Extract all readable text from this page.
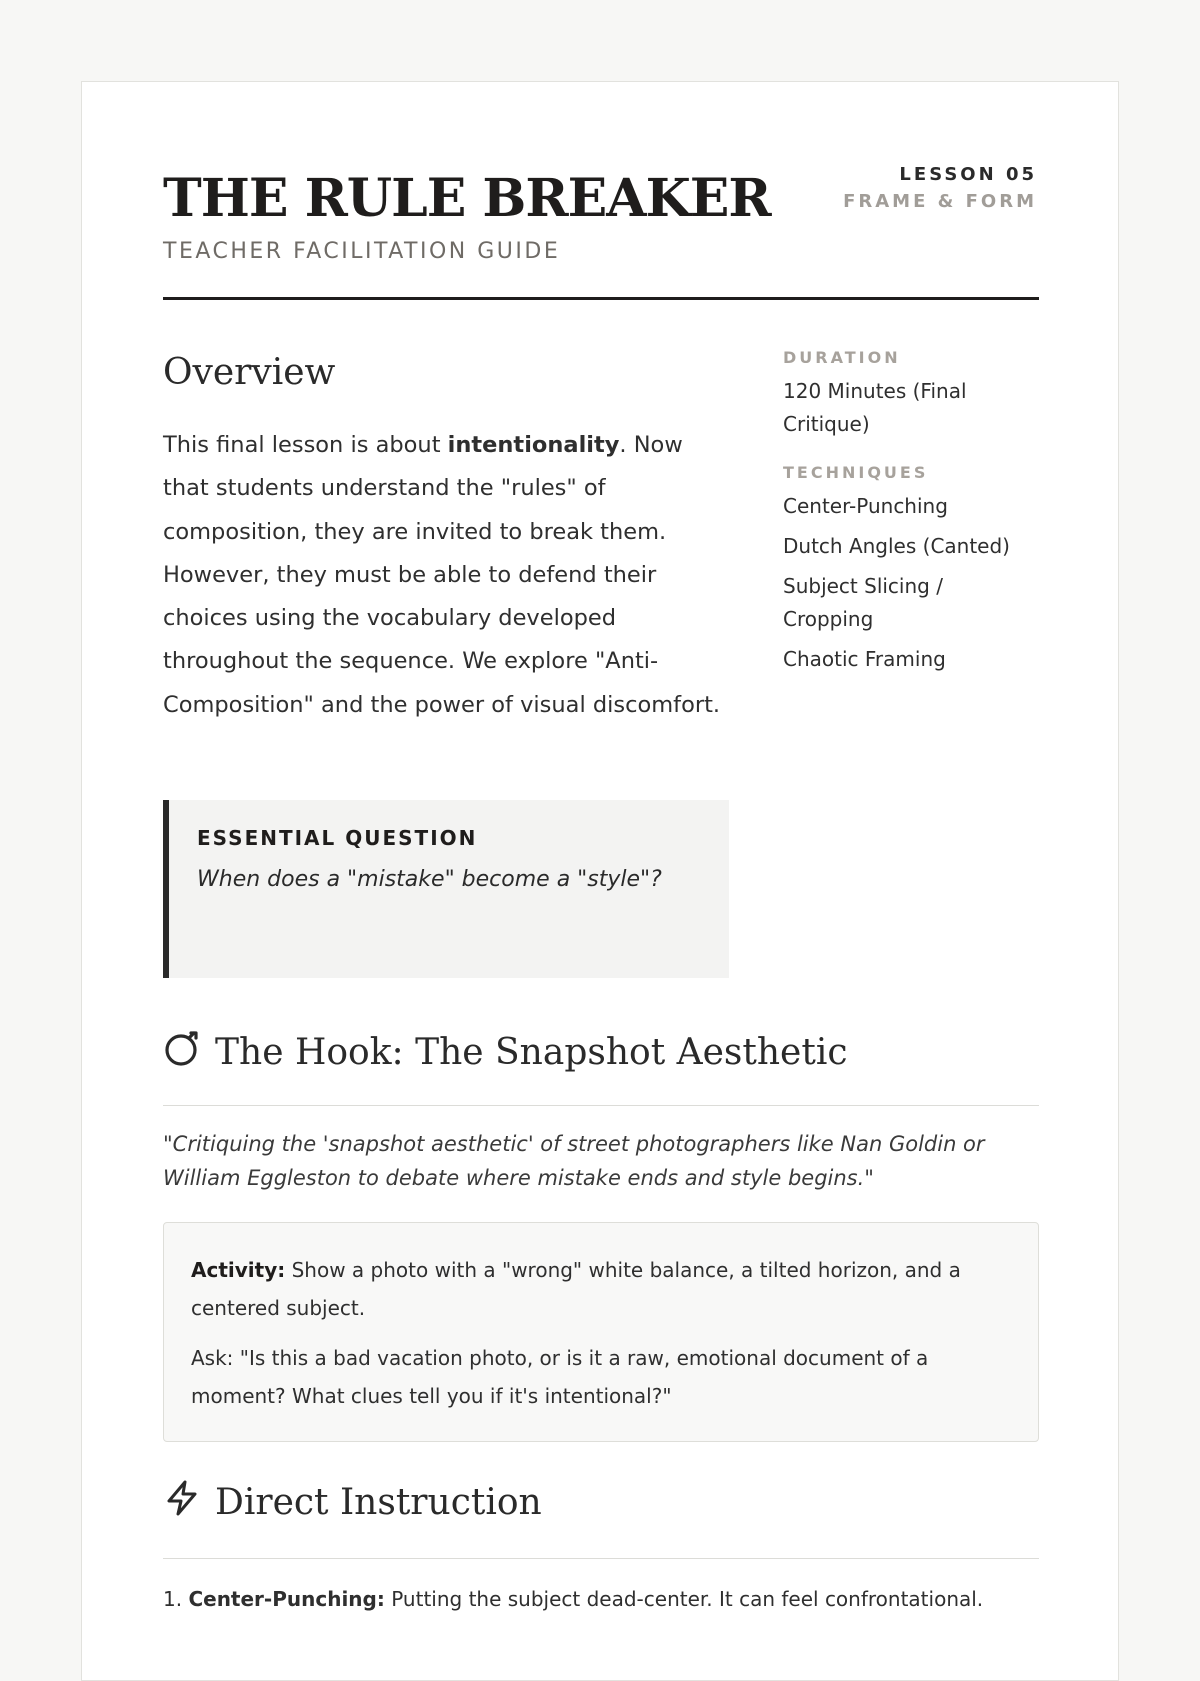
THE RULE BREAKER
TEACHER FACILITATION GUIDE
LESSON 05
FRAME & FORM
Overview

This final lesson is about intentionality. Now that students understand the "rules" of composition, they are invited to break them. However, they must be able to defend their choices using the vocabulary developed throughout the sequence. We explore "Anti-Composition" and the power of visual discomfort.

DURATION

120 Minutes (Final Critique)

TECHNIQUES

Center-Punching
Dutch Angles (Canted)
Subject Slicing / Cropping
Chaotic Framing

ESSENTIAL QUESTION

When does a "mistake" become a "style"?

The Hook: The Snapshot Aesthetic

"Critiquing the 'snapshot aesthetic' of street photographers like Nan Goldin or William Eggleston to debate where mistake ends and style begins."

Activity: Show a photo with a "wrong" white balance, a tilted horizon, and a centered subject.

Ask: "Is this a bad vacation photo, or is it a raw, emotional document of a moment? What clues tell you if it's intentional?"

Direct Instruction

1. Center-Punching: Putting the subject dead-center. It can feel confrontational.
